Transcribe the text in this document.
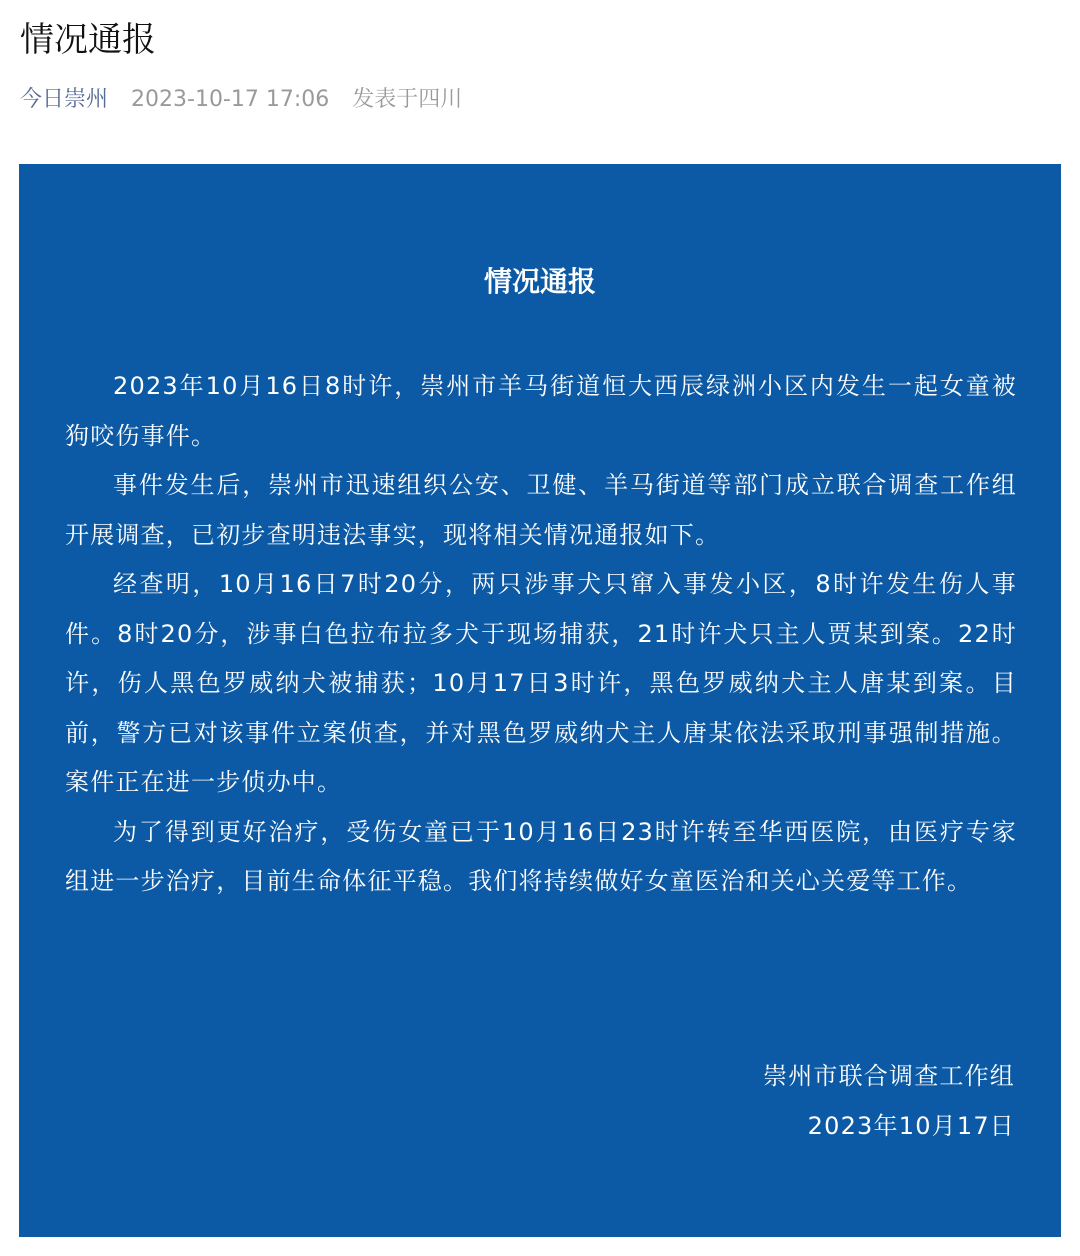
情况通报
今日崇州 2023-10-17 17:06 发表于四川
情况通报

2023年10月16日8时许，崇州市羊马街道恒大西辰绿洲小区内发生一起女童被狗咬伤事件。

事件发生后，崇州市迅速组织公安、卫健、羊马街道等部门成立联合调查工作组开展调查，已初步查明违法事实，现将相关情况通报如下。

经查明，10月16日7时20分，两只涉事犬只窜入事发小区，8时许发生伤人事件。8时20分，涉事白色拉布拉多犬于现场捕获，21时许犬只主人贾某到案。22时许，伤人黑色罗威纳犬被捕获；10月17日3时许，黑色罗威纳犬主人唐某到案。目前，警方已对该事件立案侦查，并对黑色罗威纳犬主人唐某依法采取刑事强制措施。案件正在进一步侦办中。

为了得到更好治疗，受伤女童已于10月16日23时许转至华西医院，由医疗专家组进一步治疗，目前生命体征平稳。我们将持续做好女童医治和关心关爱等工作。

崇州市联合调查工作组
2023年10月17日
